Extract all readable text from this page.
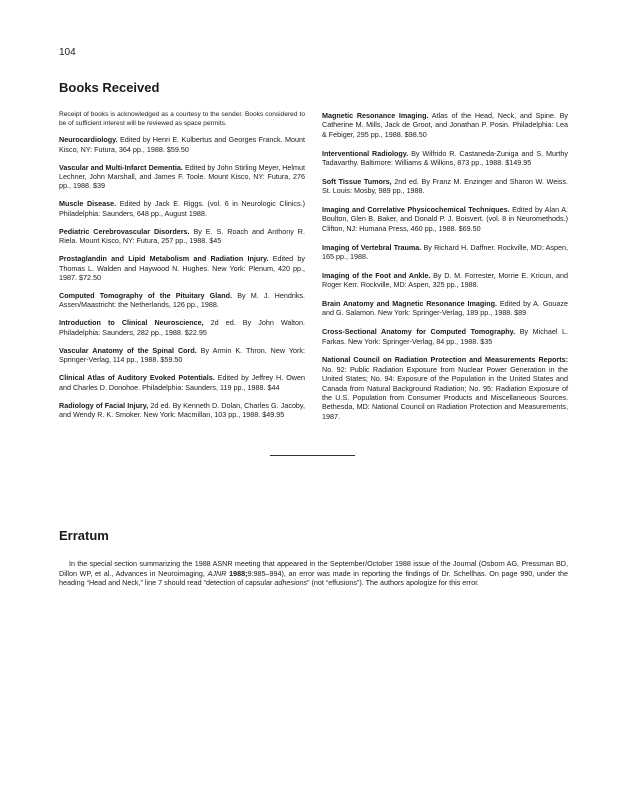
104
Books Received

Receipt of books is acknowledged as a courtesy to the sender. Books considered to be of sufficient interest will be reviewed as space permits.

Neurocardiology. Edited by Henri E. Kulbertus and Georges Franck. Mount Kisco, NY: Futura, 364 pp., 1988. $59.50

Vascular and Multi-Infarct Dementia. Edited by John Stirling Meyer, Helmut Lechner, John Marshall, and James F. Toole. Mount Kisco, NY: Futura, 276 pp., 1988. $39

Muscle Disease. Edited by Jack E. Riggs. (vol. 6 in Neurologic Clinics.) Philadelphia: Saunders, 648 pp., August 1988.

Pediatric Cerebrovascular Disorders. By E. S. Roach and Anthony R. Riela. Mount Kisco, NY: Futura, 257 pp., 1988. $45

Prostaglandin and Lipid Metabolism and Radiation Injury. Edited by Thomas L. Walden and Haywood N. Hughes. New York: Plenum, 420 pp., 1987. $72.50

Computed Tomography of the Pituitary Gland. By M. J. Hendriks. Assen/Maastricht: the Netherlands, 126 pp., 1988.

Introduction to Clinical Neuroscience, 2d ed. By John Walton. Philadelphia: Saunders, 282 pp., 1988. $22.95

Vascular Anatomy of the Spinal Cord. By Armin K. Thron. New York: Springer-Verlag, 114 pp., 1988. $59.50

Clinical Atlas of Auditory Evoked Potentials. Edited by Jeffrey H. Owen and Charles D. Donohoe. Philadelphia: Saunders, 119 pp., 1988. $44

Radiology of Facial Injury, 2d ed. By Kenneth D. Dolan, Charles G. Jacoby, and Wendy R. K. Smoker. New York: Macmillan, 103 pp., 1988. $49.95

Magnetic Resonance Imaging. Atlas of the Head, Neck, and Spine. By Catherine M. Mills, Jack de Groot, and Jonathan P. Posin. Philadelphia: Lea & Febiger, 295 pp., 1988. $98.50

Interventional Radiology. By Wilfrido R. Castaneda-Zuniga and S. Murthy Tadavarthy. Baltimore: Williams & Wilkins, 873 pp., 1988. $149.95

Soft Tissue Tumors, 2nd ed. By Franz M. Enzinger and Sharon W. Weiss. St. Louis: Mosby, 989 pp., 1988.

Imaging and Correlative Physicochemical Techniques. Edited by Alan A. Boulton, Glen B. Baker, and Donald P. J. Boisvert. (vol. 8 in Neuromethods.) Clifton, NJ: Humana Press, 460 pp., 1988. $69.50

Imaging of Vertebral Trauma. By Richard H. Daffner. Rockville, MD: Aspen, 165 pp., 1988.

Imaging of the Foot and Ankle. By D. M. Forrester, Morrie E. Kricun, and Roger Kerr. Rockville, MD: Aspen, 325 pp., 1988.

Brain Anatomy and Magnetic Resonance Imaging. Edited by A. Gouaze and G. Salamon. New York: Springer-Verlag, 189 pp., 1988. $89

Cross-Sectional Anatomy for Computed Tomography. By Michael L. Farkas. New York: Springer-Verlag, 84 pp., 1988. $35

National Council on Radiation Protection and Measurements Reports: No. 92: Public Radiation Exposure from Nuclear Power Generation in the United States; No. 94: Exposure of the Population in the United States and Canada from Natural Background Radiation; No. 95: Radiation Exposure of the U.S. Population from Consumer Products and Miscellaneous Sources. Bethesda, MD: National Council on Radiation Protection and Measurements, 1987.

Erratum

In the special section summarizing the 1988 ASNR meeting that appeared in the September/October 1988 issue of the Journal (Osborn AG, Pressman BD, Dillon WP, et al., Advances in Neuroimaging, AJNR 1988;9:985–994), an error was made in reporting the findings of Dr. Schellhas. On page 990, under the heading “Head and Neck,” line 7 should read “detection of capsular adhesions” (not “effusions”). The authors apologize for this error.
